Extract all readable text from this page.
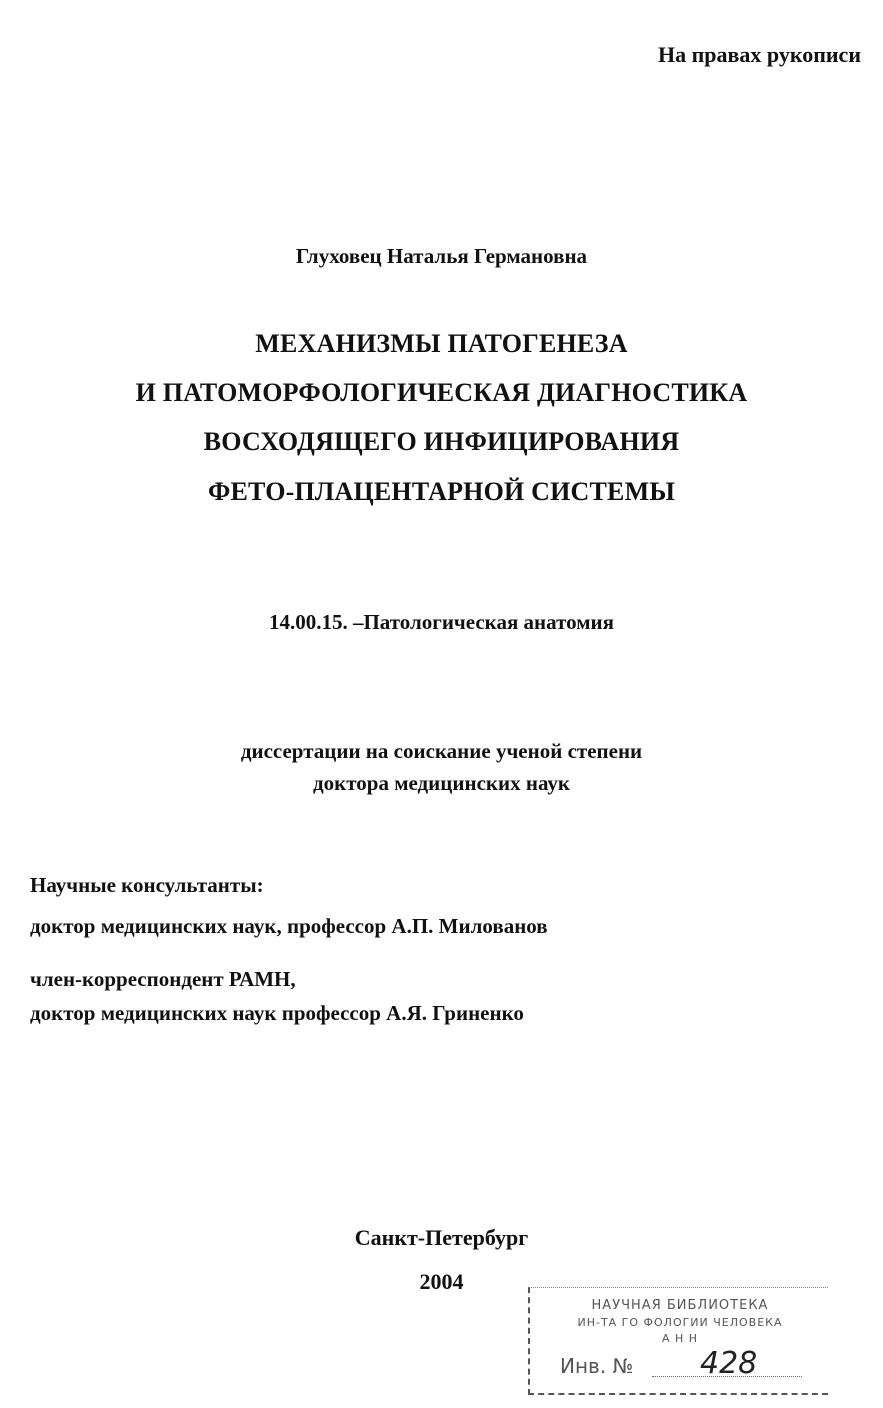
На правах рукописи
Глуховец Наталья Германовна
МЕХАНИЗМЫ ПАТОГЕНЕЗА
И ПАТОМОРФОЛОГИЧЕСКАЯ ДИАГНОСТИКА
ВОСХОДЯЩЕГО ИНФИЦИРОВАНИЯ
ФЕТО-ПЛАЦЕНТАРНОЙ СИСТЕМЫ
14.00.15. –Патологическая анатомия
диссертации на соискание ученой степени
доктора медицинских наук
Научные консультанты:
доктор медицинских наук, профессор А.П. Милованов
член-корреспондент РАМН,
доктор медицинских наук профессор А.Я. Гриненко
Санкт-Петербург
2004
НАУЧНАЯ БИБЛИОТЕКА
ИН-ТА ГО ФОЛОГИИ ЧЕЛОВЕКА
А Н Н
Инв. № 428
